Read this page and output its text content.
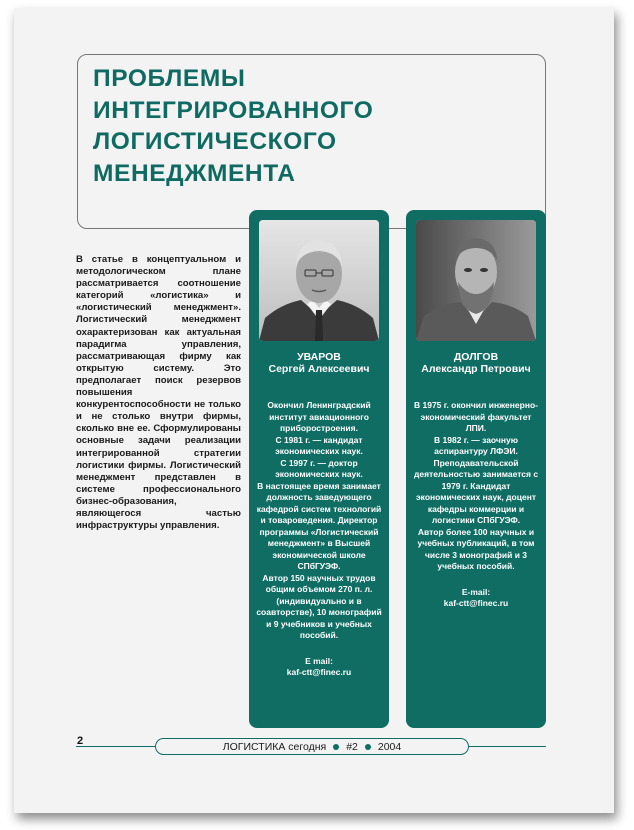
ПРОБЛЕМЫ
ИНТЕГРИРОВАННОГО
ЛОГИСТИЧЕСКОГО
МЕНЕДЖМЕНТА

В статье в концептуальном и методологическом плане рассматривается соотношение категорий «логистика» и «логистический менеджмент». Логистический менеджмент охарактеризован как актуальная парадигма управления, рассматривающая фирму как открытую систему. Это предполагает поиск резервов повышения конкурентоспособности не только и не столько внутри фирмы, сколько вне ее. Сформулированы основные задачи реализации интегрированной стратегии логистики фирмы. Логистический менеджмент представлен в системе профессионального бизнес-образования, являющегося частью инфраструктуры управления.

УВАРОВ
Сергей Алексеевич

Окончил Ленинградский институт авиационного приборостроения.

С 1981 г. — кандидат экономических наук.

С 1997 г. — доктор экономических наук.

В настоящее время занимает должность заведующего кафедрой систем технологий и товароведения. Директор программы «Логистический менеджмент» в Высшей экономической школе СПбГУЭФ.

Автор 150 научных трудов общим объемом 270 п. л. (индивидуально и в соавторстве), 10 монографий и 9 учебников и учебных пособий.

E mail:

kaf-ctt@finec.ru

ДОЛГОВ
Александр Петрович

В 1975 г. окончил инженерно-экономический факультет ЛПИ.

В 1982 г. — заочную аспирантуру ЛФЭИ.

Преподавательской деятельностью занимается с 1979 г. Кандидат экономических наук, доцент кафедры коммерции и логистики СПбГУЭФ.

Автор более 100 научных и учебных публикаций, в том числе 3 монографий и 3 учебных пособий.

E-mail:

kaf-ctt@finec.ru

2	ЛОГИСТИКА сегодня #2 2004
